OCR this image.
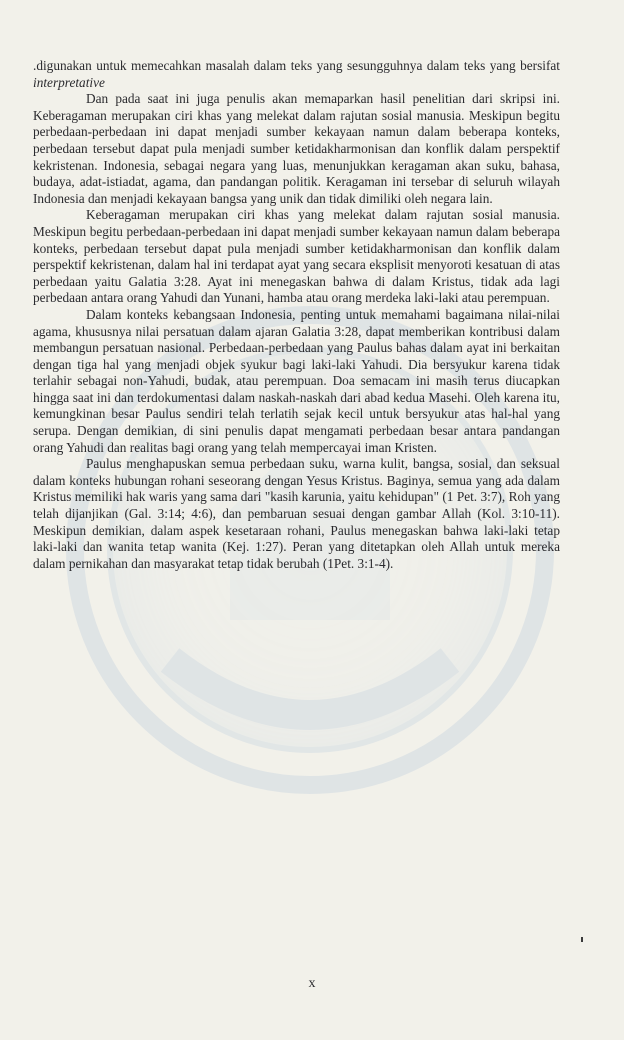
.digunakan untuk memecahkan masalah dalam teks yang sesungguhnya dalam teks yang bersifat interpretative

Dan pada saat ini juga penulis akan memaparkan hasil penelitian dari skripsi ini. Keberagaman merupakan ciri khas yang melekat dalam rajutan sosial manusia. Meskipun begitu perbedaan-perbedaan ini dapat menjadi sumber kekayaan namun dalam beberapa konteks, perbedaan tersebut dapat pula menjadi sumber ketidakharmonisan dan konflik dalam perspektif kekristenan. Indonesia, sebagai negara yang luas, menunjukkan keragaman akan suku, bahasa, budaya, adat-istiadat, agama, dan pandangan politik. Keragaman ini tersebar di seluruh wilayah Indonesia dan menjadi kekayaan bangsa yang unik dan tidak dimiliki oleh negara lain.

Keberagaman merupakan ciri khas yang melekat dalam rajutan sosial manusia. Meskipun begitu perbedaan-perbedaan ini dapat menjadi sumber kekayaan namun dalam beberapa konteks, perbedaan tersebut dapat pula menjadi sumber ketidakharmonisan dan konflik dalam perspektif kekristenan, dalam hal ini terdapat ayat yang secara eksplisit menyoroti kesatuan di atas perbedaan yaitu Galatia 3:28. Ayat ini menegaskan bahwa di dalam Kristus, tidak ada lagi perbedaan antara orang Yahudi dan Yunani, hamba atau orang merdeka laki-laki atau perempuan.

Dalam konteks kebangsaan Indonesia, penting untuk memahami bagaimana nilai-nilai agama, khususnya nilai persatuan dalam ajaran Galatia 3:28, dapat memberikan kontribusi dalam membangun persatuan nasional. Perbedaan-perbedaan yang Paulus bahas dalam ayat ini berkaitan dengan tiga hal yang menjadi objek syukur bagi laki-laki Yahudi. Dia bersyukur karena tidak terlahir sebagai non-Yahudi, budak, atau perempuan. Doa semacam ini masih terus diucapkan hingga saat ini dan terdokumentasi dalam naskah-naskah dari abad kedua Masehi. Oleh karena itu, kemungkinan besar Paulus sendiri telah terlatih sejak kecil untuk bersyukur atas hal-hal yang serupa. Dengan demikian, di sini penulis dapat mengamati perbedaan besar antara pandangan orang Yahudi dan realitas bagi orang yang telah mempercayai iman Kristen.

Paulus menghapuskan semua perbedaan suku, warna kulit, bangsa, sosial, dan seksual dalam konteks hubungan rohani seseorang dengan Yesus Kristus. Baginya, semua yang ada dalam Kristus memiliki hak waris yang sama dari "kasih karunia, yaitu kehidupan" (1 Pet. 3:7), Roh yang telah dijanjikan (Gal. 3:14; 4:6), dan pembaruan sesuai dengan gambar Allah (Kol. 3:10-11). Meskipun demikian, dalam aspek kesetaraan rohani, Paulus menegaskan bahwa laki-laki tetap laki-laki dan wanita tetap wanita (Kej. 1:27). Peran yang ditetapkan oleh Allah untuk mereka dalam pernikahan dan masyarakat tetap tidak berubah (1Pet. 3:1-4).

x
